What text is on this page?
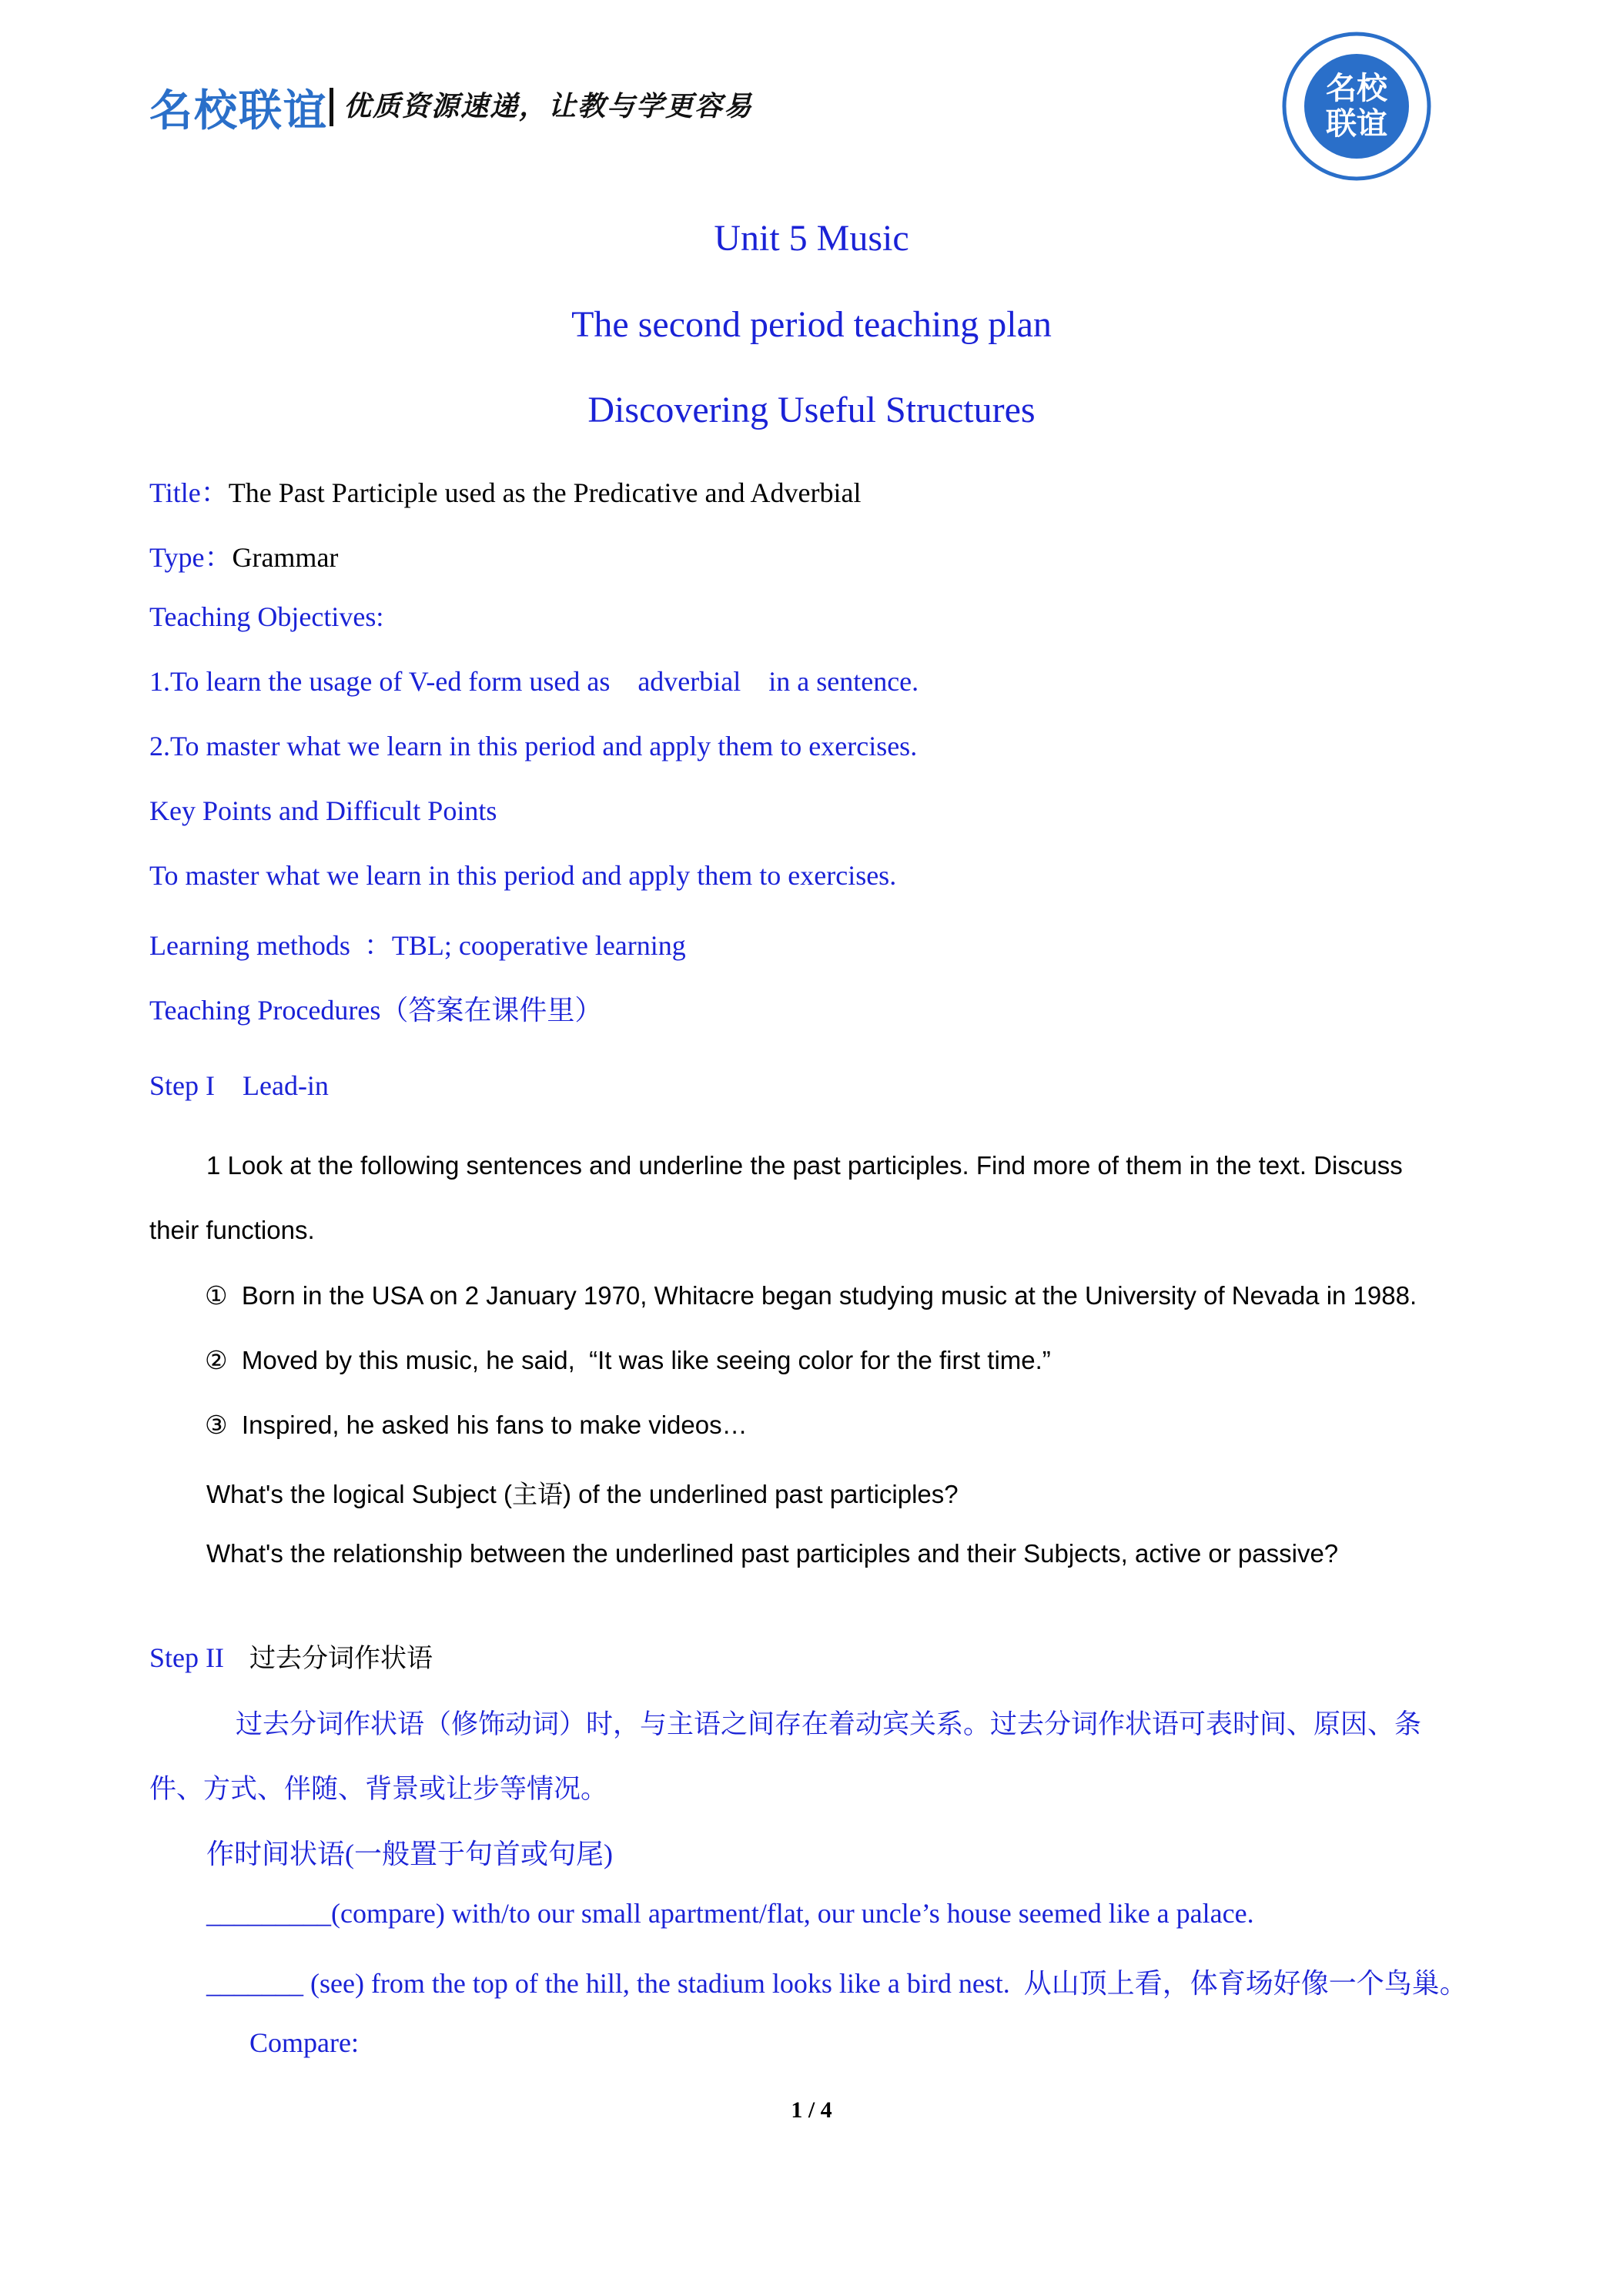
名校联谊 优质资源速递，让教与学更容易
名校
联谊
Unit 5 Music
The second period teaching plan
Discovering Useful Structures
Title：The Past Participle used as the Predicative and Adverbial
Type：Grammar
Teaching Objectives:
1.To learn the usage of V-ed form used as    adverbial    in a sentence.
2.To master what we learn in this period and apply them to exercises.
Key Points and Difficult Points
To master what we learn in this period and apply them to exercises.
Learning methods  ：TBL; cooperative learning
Teaching Procedures（答案在课件里）
Step I    Lead-in
1 Look at the following sentences and underline the past participles. Find more of them in the text. Discuss
their functions.
①  Born in the USA on 2 January 1970, Whitacre began studying music at the University of Nevada in 1988.
②  Moved by this music, he said,  “It was like seeing color for the first time.”
③  Inspired, he asked his fans to make videos…
What's the logical Subject (主语) of the underlined past participles?
What's the relationship between the underlined past participles and their Subjects, active or passive?
Step II 过去分词作状语
过去分词作状语（修饰动词）时，与主语之间存在着动宾关系。过去分词作状语可表时间、原因、条
件、方式、伴随、背景或让步等情况。
作时间状语(一般置于句首或句尾)
_________(compare) with/to our small apartment/flat, our uncle’s house seemed like a palace.
_______ (see) from the top of the hill, the stadium looks like a bird nest.  从山顶上看，体育场好像一个鸟巢。
Compare:
1 / 4
